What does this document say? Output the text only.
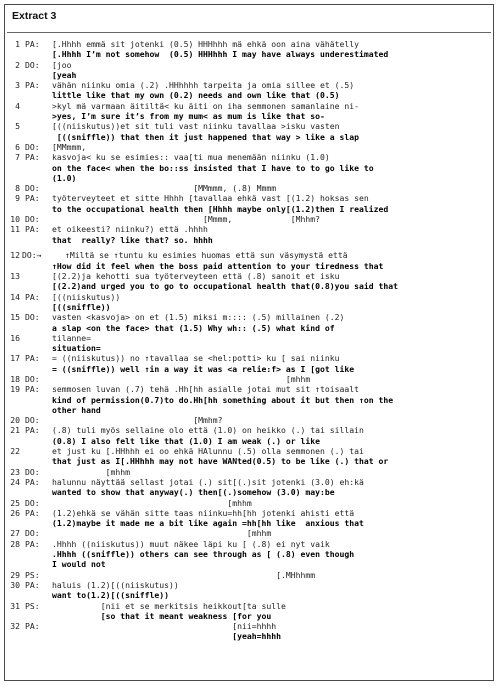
Extract 3
1 PA:	[.Hhhh emmä sit jotenki (0.5) HHHhhh mä ehkä oon aina vähätelly
[.Hhhh I’m not somehow  (0.5) HHHhhh I may have always underestimated
2 DO:	[joo
[yeah
3 PA:	vähän niinku omia (.2) .HHhhhh tarpeita ja omia sillee et (.5)
little like that my own (0.2) needs and own like that (0.5)
4	>kyl mä varmaan äitiltä< ku äiti on iha semmonen samanlaine ni-
>yes, I’m sure it’s from my mum< as mum is like that so-
5	[((niiskutus))et sit tuli vast niinku tavallaa >isku vasten
[((sniffle)) that then it just happened that way > like a slap
6 DO:	[MMmmm,
7 PA:	kasvoja< ku se esimies:: vaa[ti mua menemään niinku (1.0)
on the face< when the bo::ss insisted that I have to to go like to
(1.0)
8 DO:	[MMmmm, (.8) Mmmm
9 PA:	työterveyteet et sitte Hhhh [tavallaa ehkä vast [(1.2) hoksas sen
to the occupational health then [Hhhh maybe only[(1.2)then I realized
10 DO:	[Mmmm,            [Mhhm?
11 PA:	et oikeesti? niinku?) että .hhhh
that  really? like that? so. hhhh
12 DO:→	↑Miltä se ↑tuntu ku esimies huomas että sun väsymystä että
↑How did it feel when the boss paid attention to your tiredness that
13	[(2.2)ja kehotti sua työterveyteen että (.8) sanoit et isku
[(2.2)and urged you to go to occupational health that(0.8)you said that
14 PA:	[((niiskutus))
[((sniffle))
15 DO:	vasten <kasvoja> on et (1.5) miksi m:::: (.5) millainen (.2)
a slap <on the face> that (1.5) Why wh:: (.5) what kind of
16	tilanne=
situation=
17 PA:	= ((niiskutus)) no ↑tavallaa se <hel:potti> ku [ sai niinku
= ((sniffle)) well ↑in a way it was <a relie:f> as I [got like
18 DO:	[mhhm
19 PA:	semmosen luvan (.7) tehä .Hh[hh asialle jotai mut sit ↑toisaalt
kind of permission(0.7)to do.Hh[hh something about it but then ↑on the
other hand
20 DO:	[Mmhm?
21 PA:	(.8) tuli myös sellaine olo että (1.0) on heikko (.) tai sillain
(0.8) I also felt like that (1.0) I am weak (.) or like
22	et just ku [.HHhhh ei oo ehkä HAlunnu (.5) olla semmonen (.) tai
that just as I[.HHhhh may not have WANted(0.5) to be like (.) that or
23 DO:	[mhhm
24 PA:	halunnu näyttää sellast jotai (.) sit[(.)sit jotenki (3.0) eh:kä
wanted to show that anyway(.) then[(.)somehow (3.0) may:be
25 DO:	[mhhm
26 PA:	(1.2)ehkä se vähän sitte taas niinku=hh[hh jotenki ahisti että
(1.2)maybe it made me a bit like again =hh[hh like  anxious that
27 DO:	[mhhm
28 PA:	.Hhhh ((niiskutus)) muut näkee läpi ku [ (.8) ei nyt vaik
.Hhhh ((sniffle)) others can see through as [ (.8) even though
I would not
29 PS:	[.MHhhmm
30 PA:	haluis (1.2)[((niiskutus))
want to(1.2)[((sniffle))
31 PS:	[nii et se merkitsis heikkout[ta sulle
[so that it meant weakness [for you
32 PA:	[nii=hhhh
[yeah=hhhh
